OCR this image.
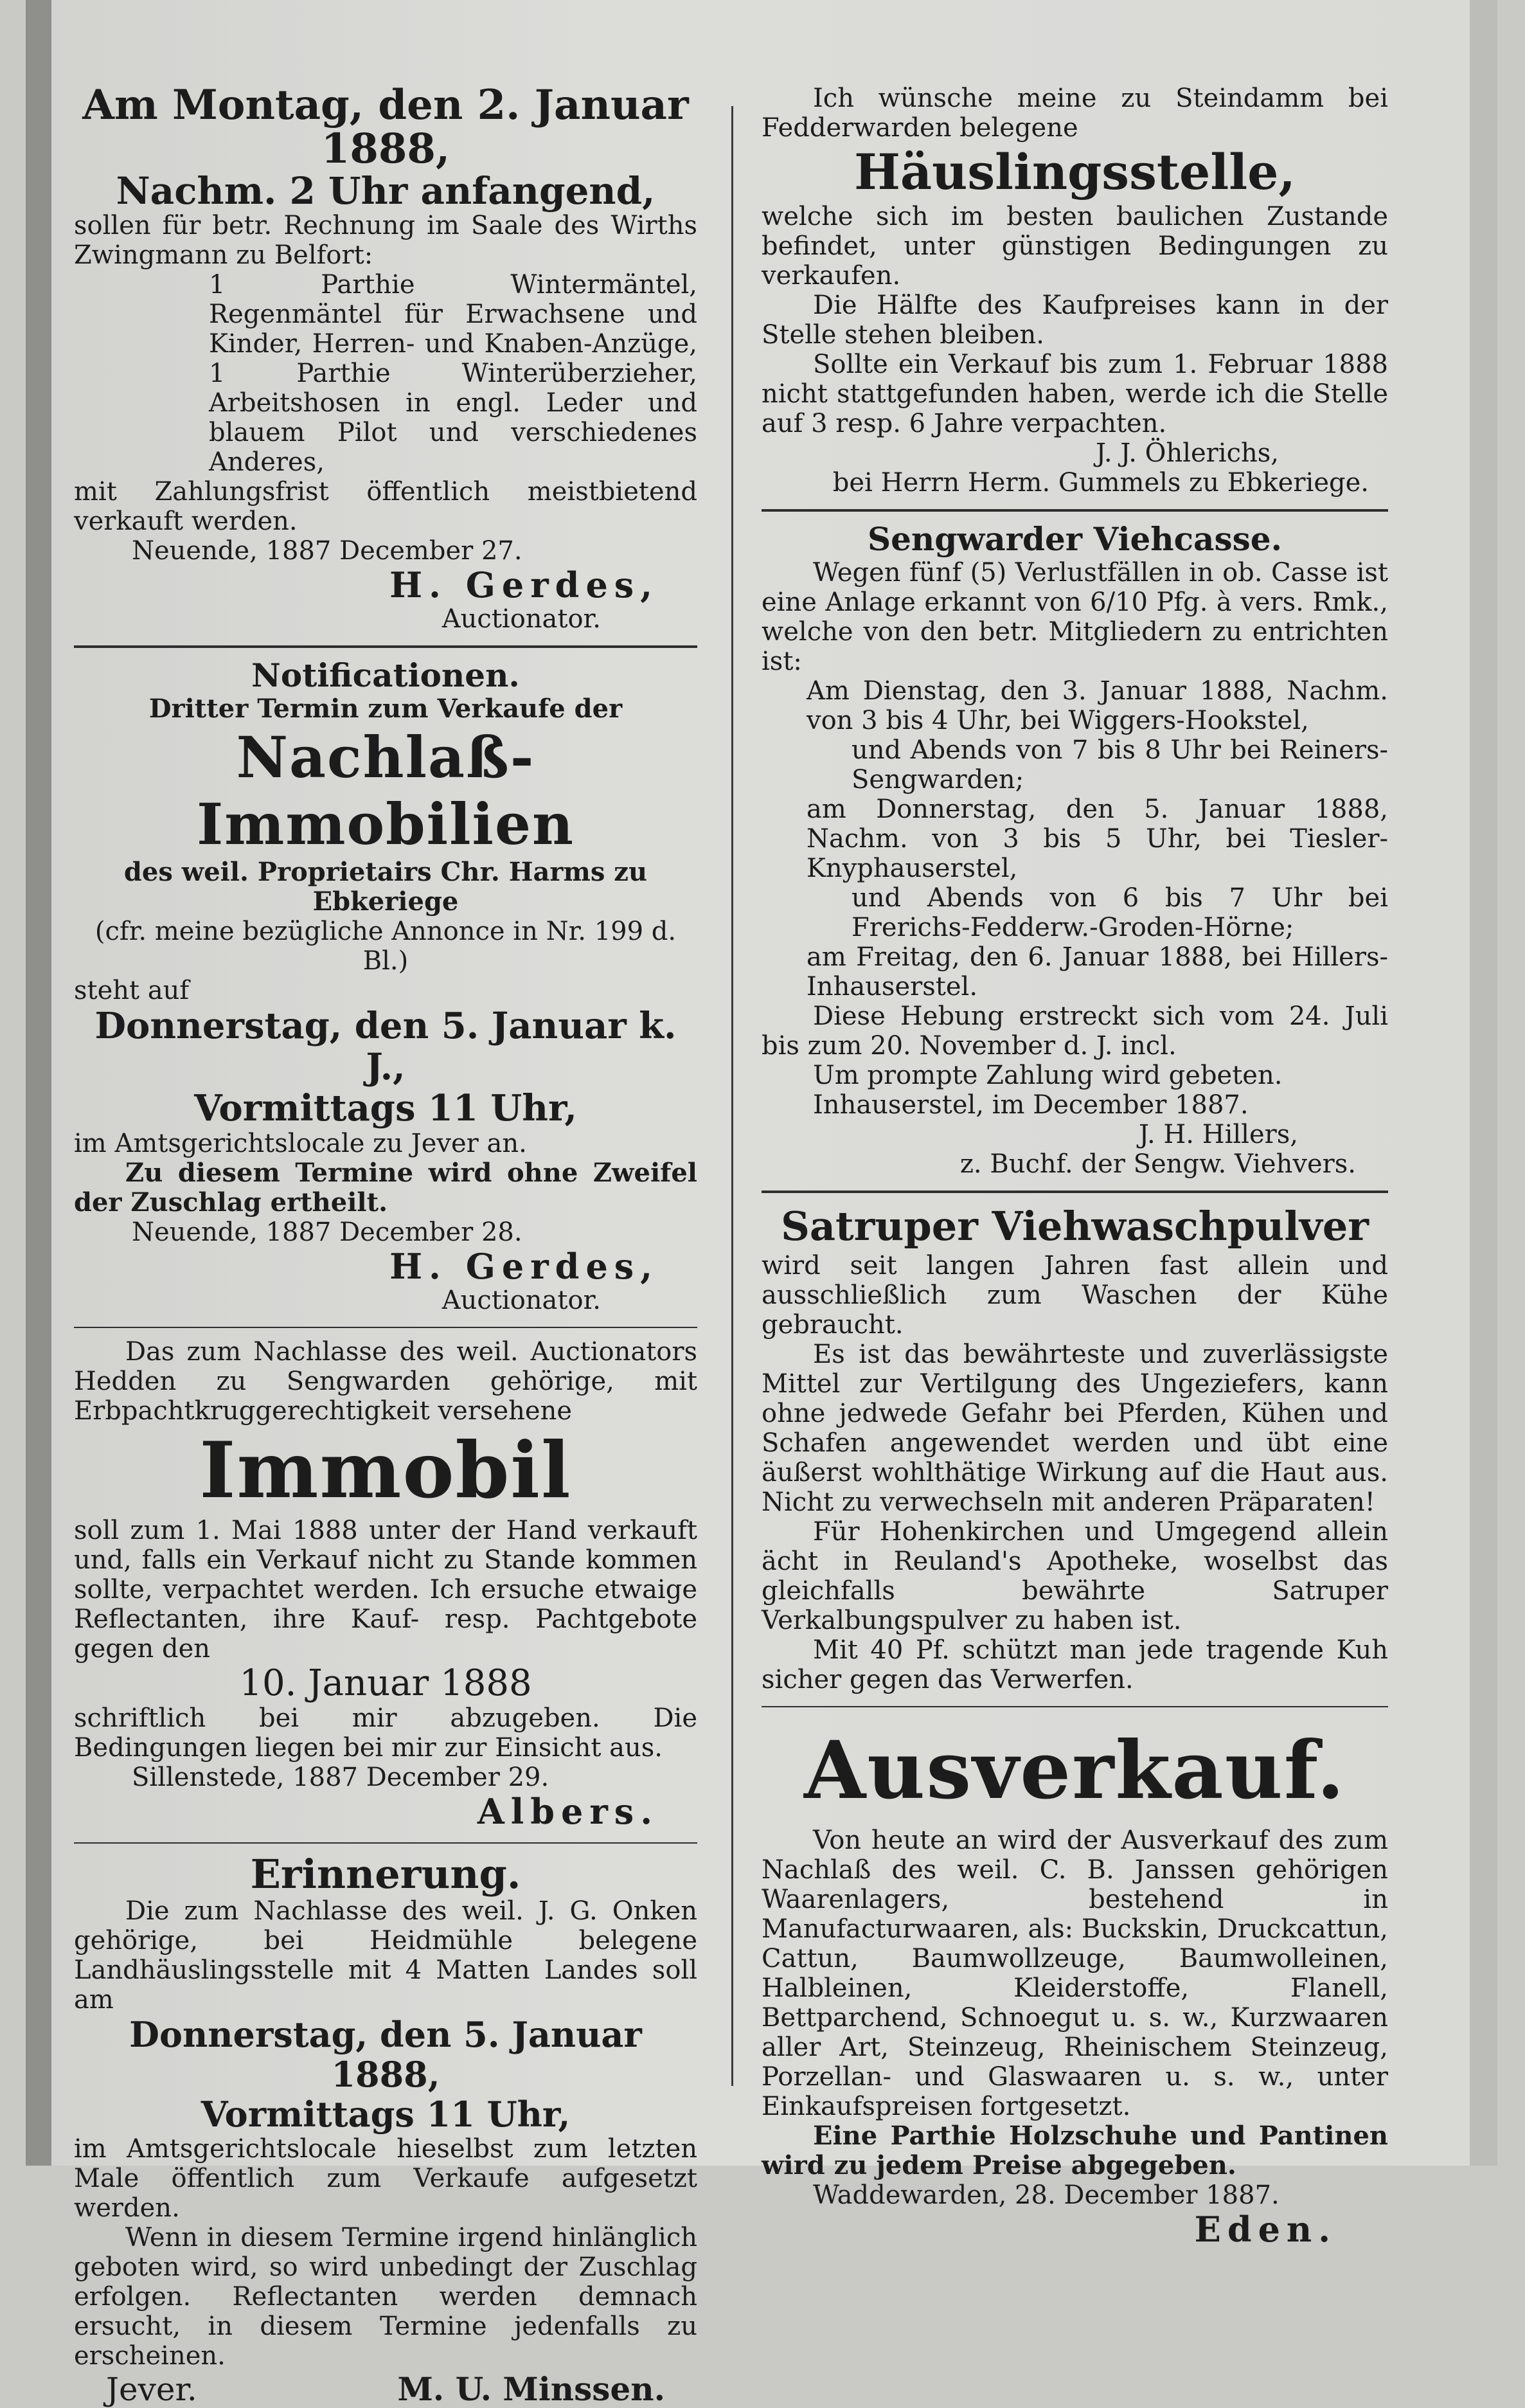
Am Montag, den 2. Januar 1888,

Nachm. 2 Uhr anfangend,

sollen für betr. Rechnung im Saale des Wirths Zwingmann zu Belfort:

1 Parthie Wintermäntel, Regenmäntel für Erwachsene und Kinder, Herren- und Knaben-Anzüge, 1 Parthie Winterüberzieher, Arbeitshosen in engl. Leder und blauem Pilot und verschiedenes Anderes,

mit Zahlungsfrist öffentlich meistbietend verkauft werden.

Neuende, 1887 December 27.

H. Gerdes,

Auctionator.

Notificationen.

Dritter Termin zum Verkaufe der

Nachlaß-Immobilien

des weil. Proprietairs Chr. Harms zu Ebkeriege

(cfr. meine bezügliche Annonce in Nr. 199 d. Bl.)

steht auf

Donnerstag, den 5. Januar k. J.,

Vormittags 11 Uhr,

im Amtsgerichtslocale zu Jever an.

Zu diesem Termine wird ohne Zweifel der Zuschlag ertheilt.

Neuende, 1887 December 28.

H. Gerdes,

Auctionator.

Das zum Nachlasse des weil. Auctionators Hedden zu Sengwarden gehörige, mit Erbpachtkruggerechtigkeit versehene

Immobil

soll zum 1. Mai 1888 unter der Hand verkauft und, falls ein Verkauf nicht zu Stande kommen sollte, verpachtet werden. Ich ersuche etwaige Reflectanten, ihre Kauf- resp. Pachtgebote gegen den

10. Januar 1888

schriftlich bei mir abzugeben. Die Bedingungen liegen bei mir zur Einsicht aus.

Sillenstede, 1887 December 29.

Albers.

Erinnerung.

Die zum Nachlasse des weil. J. G. Onken gehörige, bei Heidmühle belegene Landhäuslingsstelle mit 4 Matten Landes soll am

Donnerstag, den 5. Januar 1888,

Vormittags 11 Uhr,

im Amtsgerichtslocale hieselbst zum letzten Male öffentlich zum Verkaufe aufgesetzt werden.

Wenn in diesem Termine irgend hinlänglich geboten wird, so wird unbedingt der Zuschlag erfolgen. Reflectanten werden demnach ersucht, in diesem Termine jedenfalls zu erscheinen.

Jever.	M. U. Minssen.

Ich wünsche meine zu Steindamm bei Fedderwarden belegene

Häuslingsstelle,

welche sich im besten baulichen Zustande befindet, unter günstigen Bedingungen zu verkaufen.

Die Hälfte des Kaufpreises kann in der Stelle stehen bleiben.

Sollte ein Verkauf bis zum 1. Februar 1888 nicht stattgefunden haben, werde ich die Stelle auf 3 resp. 6 Jahre verpachten.

J. J. Öhlerichs,

bei Herrn Herm. Gummels zu Ebkeriege.

Sengwarder Viehcasse.

Wegen fünf (5) Verlustfällen in ob. Casse ist eine Anlage erkannt von 6/10 Pfg. à vers. Rmk., welche von den betr. Mitgliedern zu entrichten ist:

Am Dienstag, den 3. Januar 1888, Nachm. von 3 bis 4 Uhr, bei Wiggers-Hookstel,

und Abends von 7 bis 8 Uhr bei Reiners-Sengwarden;

am Donnerstag, den 5. Januar 1888, Nachm. von 3 bis 5 Uhr, bei Tiesler-Knyphauserstel,

und Abends von 6 bis 7 Uhr bei Frerichs-Fedderw.-Groden-Hörne;

am Freitag, den 6. Januar 1888, bei Hillers-Inhauserstel.

Diese Hebung erstreckt sich vom 24. Juli bis zum 20. November d. J. incl.

Um prompte Zahlung wird gebeten.

Inhauserstel, im December 1887.

J. H. Hillers,

z. Buchf. der Sengw. Viehvers.

Satruper Viehwaschpulver

wird seit langen Jahren fast allein und ausschließlich zum Waschen der Kühe gebraucht.

Es ist das bewährteste und zuverlässigste Mittel zur Vertilgung des Ungeziefers, kann ohne jedwede Gefahr bei Pferden, Kühen und Schafen angewendet werden und übt eine äußerst wohlthätige Wirkung auf die Haut aus. Nicht zu verwechseln mit anderen Präparaten!

Für Hohenkirchen und Umgegend allein ächt in Reuland's Apotheke, woselbst das gleichfalls bewährte Satruper Verkalbungspulver zu haben ist.

Mit 40 Pf. schützt man jede tragende Kuh sicher gegen das Verwerfen.

Ausverkauf.

Von heute an wird der Ausverkauf des zum Nachlaß des weil. C. B. Janssen gehörigen Waarenlagers, bestehend in Manufacturwaaren, als: Buckskin, Druckcattun, Cattun, Baumwollzeuge, Baumwolleinen, Halbleinen, Kleiderstoffe, Flanell, Bettparchend, Schnoegut u. s. w., Kurzwaaren aller Art, Steinzeug, Rheinischem Steinzeug, Porzellan- und Glaswaaren u. s. w., unter Einkaufspreisen fortgesetzt.

Eine Parthie Holzschuhe und Pantinen wird zu jedem Preise abgegeben.

Waddewarden, 28. December 1887.

Eden.
